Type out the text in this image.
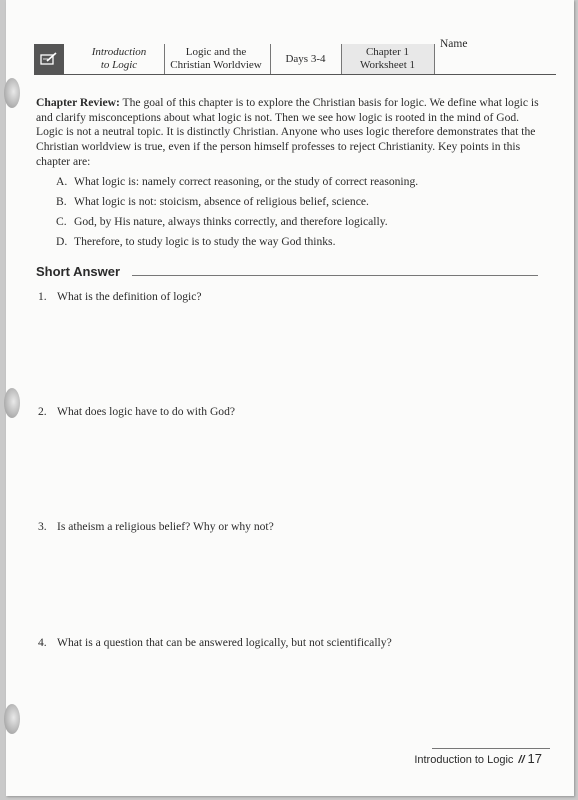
Introduction
to Logic
Logic and the
Christian Worldview
Days 3-4
Chapter 1
Worksheet 1
Name
Chapter Review: The goal of this chapter is to explore the Christian basis for logic. We define what logic is and clarify misconceptions about what logic is not. Then we see how logic is rooted in the mind of God. Logic is not a neutral topic. It is distinctly Christian. Anyone who uses logic therefore demonstrates that the Christian worldview is true, even if the person himself professes to reject Christianity. Key points in this chapter are:
A. What logic is: namely correct reasoning, or the study of correct reasoning.
B. What logic is not: stoicism, absence of religious belief, science.
C. God, by His nature, always thinks correctly, and therefore logically.
D. Therefore, to study logic is to study the way God thinks.
Short Answer
1. What is the definition of logic?
2. What does logic have to do with God?
3. Is atheism a religious belief? Why or why not?
4. What is a question that can be answered logically, but not scientifically?
Introduction to Logic // 17
